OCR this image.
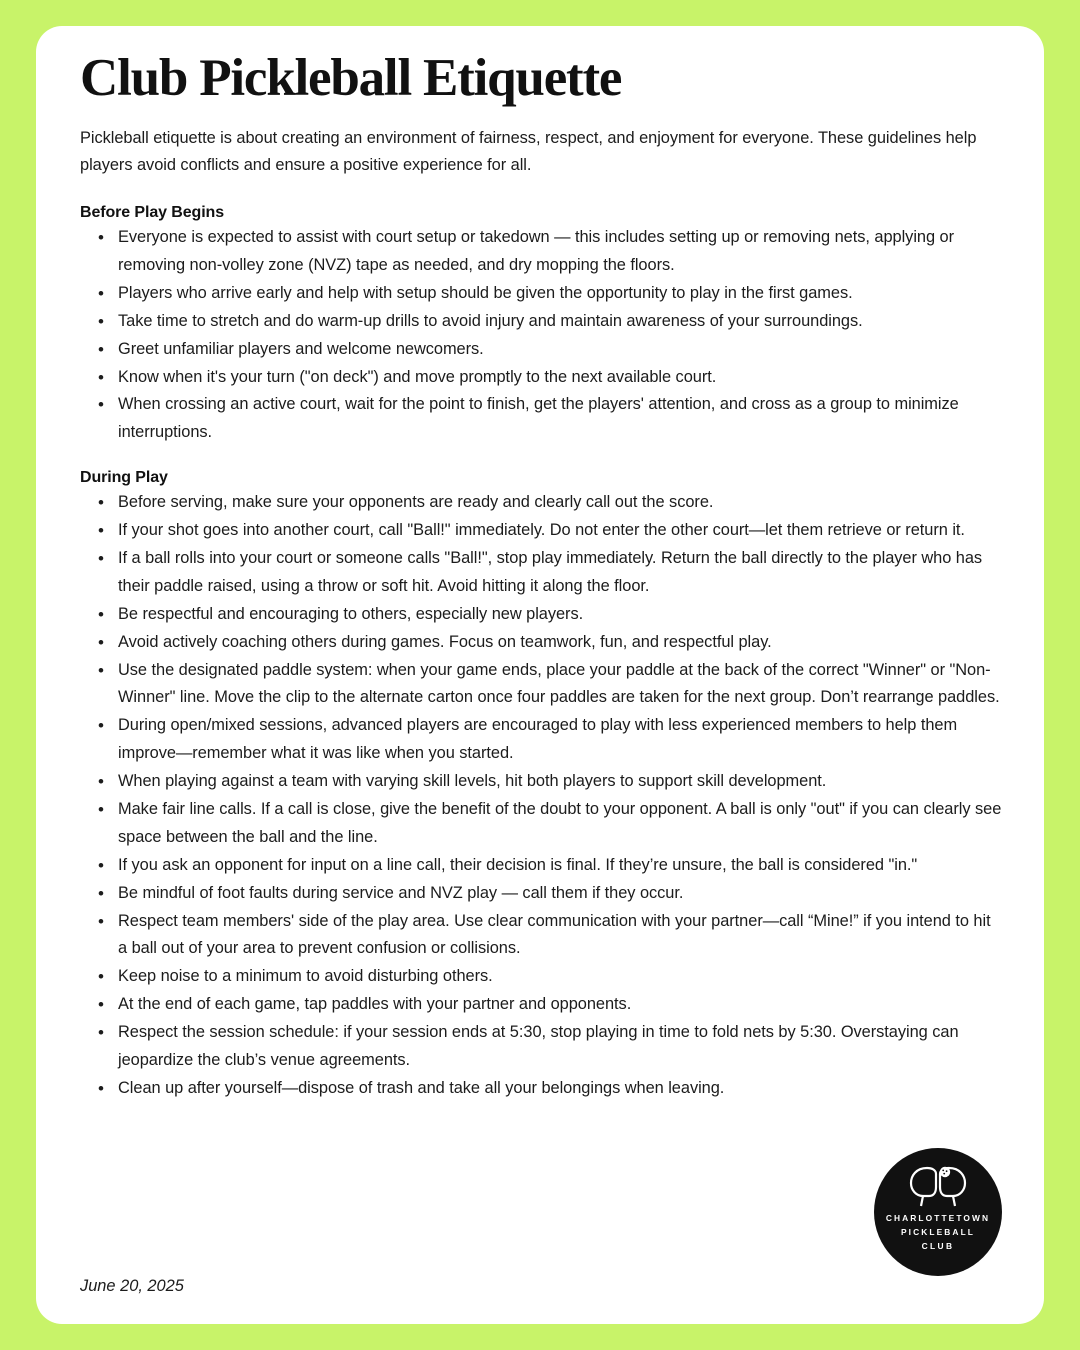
Club Pickleball Etiquette

Pickleball etiquette is about creating an environment of fairness, respect, and enjoyment for everyone. These guidelines help players avoid conflicts and ensure a positive experience for all.

Before Play Begins
• Everyone is expected to assist with court setup or takedown — this includes setting up or removing nets, applying or removing non-volley zone (NVZ) tape as needed, and dry mopping the floors.
• Players who arrive early and help with setup should be given the opportunity to play in the first games.
• Take time to stretch and do warm-up drills to avoid injury and maintain awareness of your surroundings.
• Greet unfamiliar players and welcome newcomers.
• Know when it's your turn ("on deck") and move promptly to the next available court.
• When crossing an active court, wait for the point to finish, get the players' attention, and cross as a group to minimize interruptions.
During Play
• Before serving, make sure your opponents are ready and clearly call out the score.
• If your shot goes into another court, call "Ball!" immediately. Do not enter the other court—let them retrieve or return it.
• If a ball rolls into your court or someone calls "Ball!", stop play immediately. Return the ball directly to the player who has their paddle raised, using a throw or soft hit. Avoid hitting it along the floor.
• Be respectful and encouraging to others, especially new players.
• Avoid actively coaching others during games. Focus on teamwork, fun, and respectful play.
• Use the designated paddle system: when your game ends, place your paddle at the back of the correct "Winner" or "Non-Winner" line. Move the clip to the alternate carton once four paddles are taken for the next group. Don’t rearrange paddles.
• During open/mixed sessions, advanced players are encouraged to play with less experienced members to help them improve—remember what it was like when you started.
• When playing against a team with varying skill levels, hit both players to support skill development.
• Make fair line calls. If a call is close, give the benefit of the doubt to your opponent. A ball is only "out" if you can clearly see space between the ball and the line.
• If you ask an opponent for input on a line call, their decision is final. If they’re unsure, the ball is considered "in."
• Be mindful of foot faults during service and NVZ play — call them if they occur.
• Respect team members' side of the play area. Use clear communication with your partner—call “Mine!” if you intend to hit a ball out of your area to prevent confusion or collisions.
• Keep noise to a minimum to avoid disturbing others.
• At the end of each game, tap paddles with your partner and opponents.
• Respect the session schedule: if your session ends at 5:30, stop playing in time to fold nets by 5:30. Overstaying can jeopardize the club’s venue agreements.
• Clean up after yourself—dispose of trash and take all your belongings when leaving.
June 20, 2025
CHARLOTTETOWN
PICKLEBALL
CLUB
